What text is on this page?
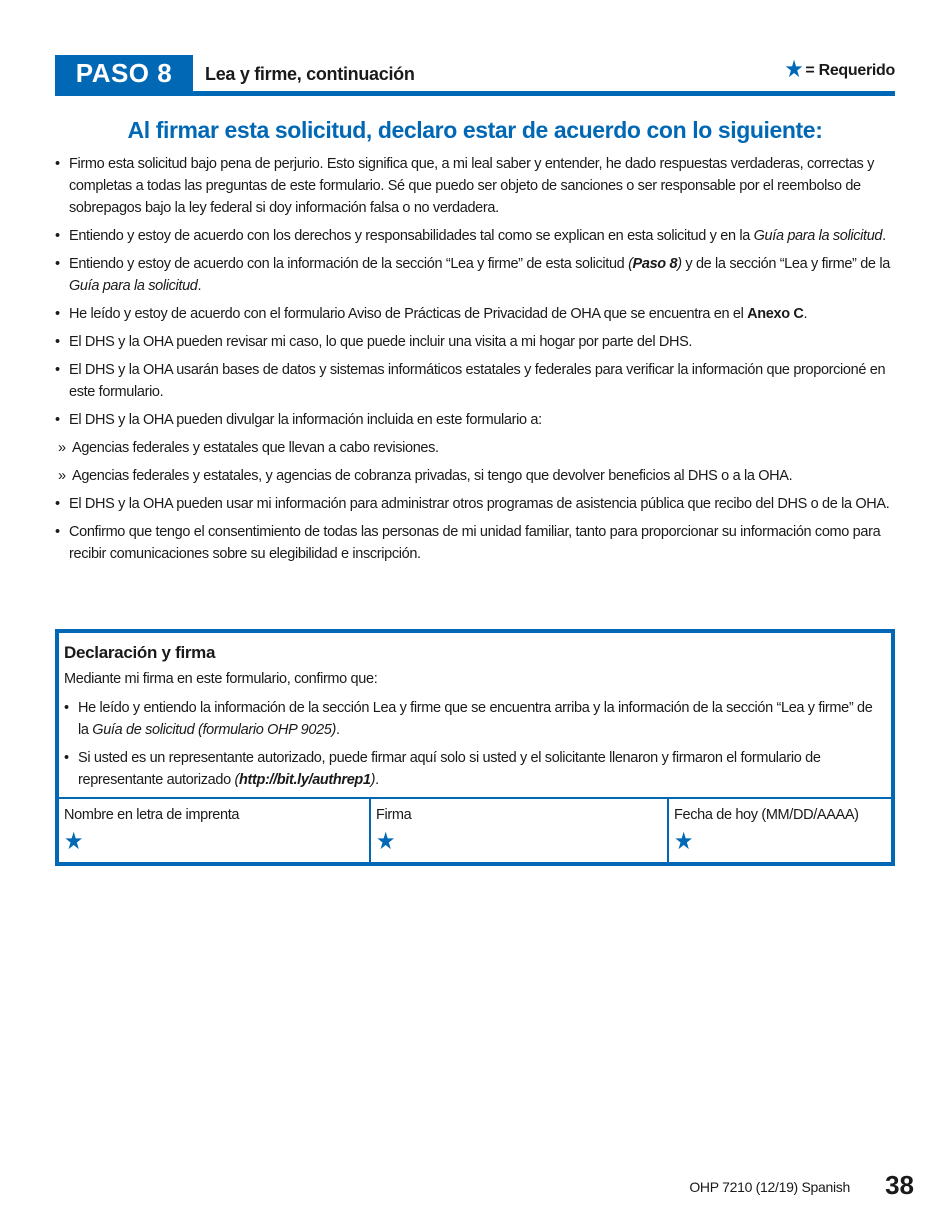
PASO 8	Lea y firme, continuación	★ = Requerido
Al firmar esta solicitud, declaro estar de acuerdo con lo siguiente:
• Firmo esta solicitud bajo pena de perjurio. Esto significa que, a mi leal saber y entender, he dado respuestas verdaderas, correctas y completas a todas las preguntas de este formulario. Sé que puedo ser objeto de sanciones o ser responsable por el reembolso de sobrepagos bajo la ley federal si doy información falsa o no verdadera.
• Entiendo y estoy de acuerdo con los derechos y responsabilidades tal como se explican en esta solicitud y en la Guía para la solicitud.
• Entiendo y estoy de acuerdo con la información de la sección “Lea y firme” de esta solicitud (Paso 8) y de la sección “Lea y firme” de la Guía para la solicitud.
• He leído y estoy de acuerdo con el formulario Aviso de Prácticas de Privacidad de OHA que se encuentra en el Anexo C.
• El DHS y la OHA pueden revisar mi caso, lo que puede incluir una visita a mi hogar por parte del DHS.
• El DHS y la OHA usarán bases de datos y sistemas informáticos estatales y federales para verificar la información que proporcioné en este formulario.
• El DHS y la OHA pueden divulgar la información incluida en este formulario a:
» Agencias federales y estatales que llevan a cabo revisiones.
» Agencias federales y estatales, y agencias de cobranza privadas, si tengo que devolver beneficios al DHS o a la OHA.
• El DHS y la OHA pueden usar mi información para administrar otros programas de asistencia pública que recibo del DHS o de la OHA.
• Confirmo que tengo el consentimiento de todas las personas de mi unidad familiar, tanto para proporcionar su información como para recibir comunicaciones sobre su elegibilidad e inscripción.
Declaración y firma
Mediante mi firma en este formulario, confirmo que:
• He leído y entiendo la información de la sección Lea y firme que se encuentra arriba y la información de la sección “Lea y firme” de la Guía de solicitud (formulario OHP 9025).
• Si usted es un representante autorizado, puede firmar aquí solo si usted y el solicitante llenaron y firmaron el formulario de representante autorizado (http://bit.ly/authrep1).
Nombre en letra de imprenta
★
Firma
★
Fecha de hoy (MM/DD/AAAA)
★
OHP 7210 (12/19) Spanish 38
